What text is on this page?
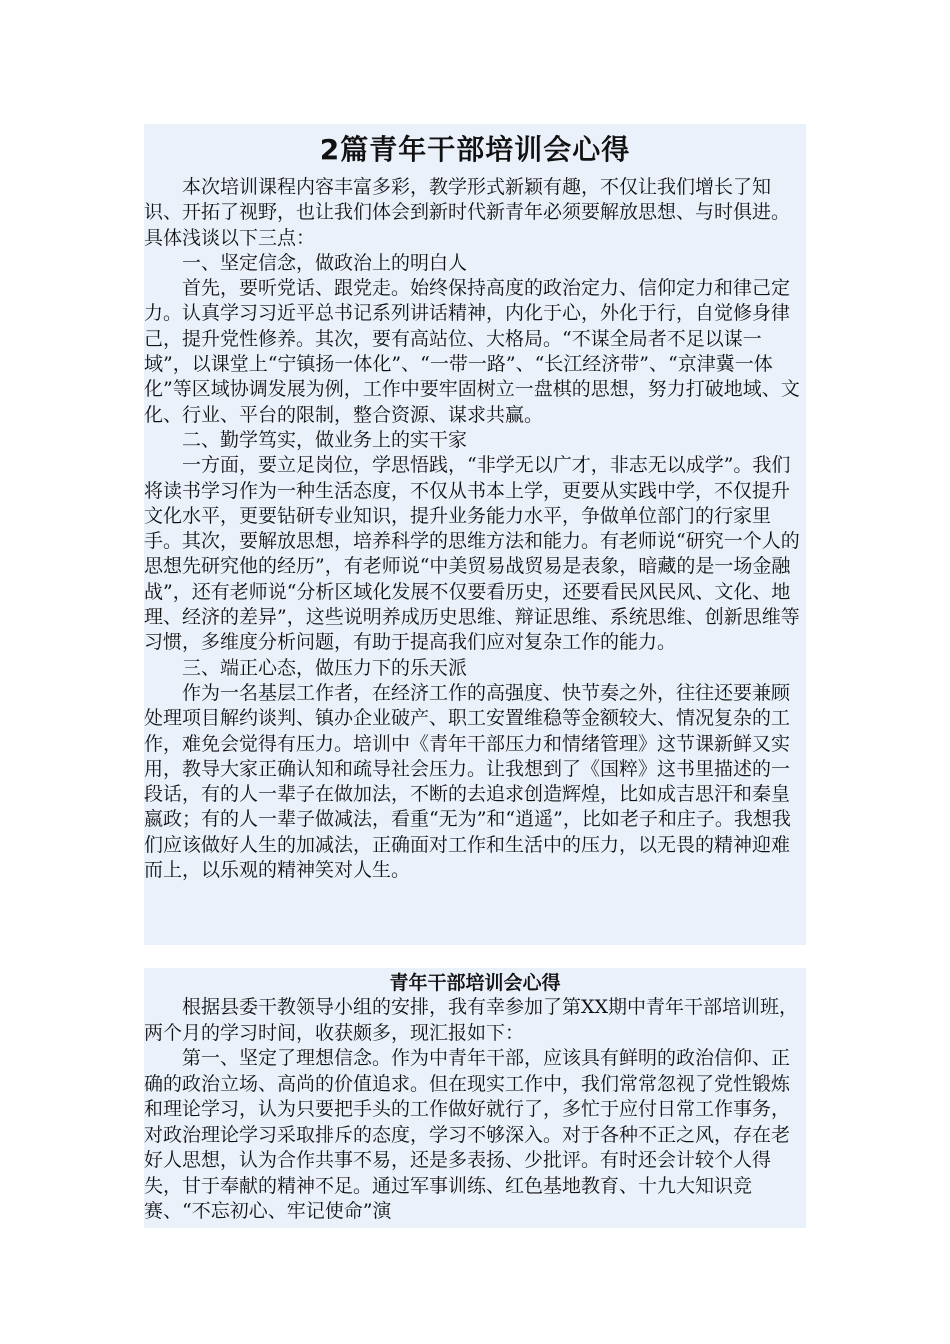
2篇青年干部培训会心得

本次培训课程内容丰富多彩，教学形式新颖有趣，不仅让我们增长了知识、开拓了视野，也让我们体会到新时代新青年必须要解放思想、与时俱进。具体浅谈以下三点：

一、坚定信念，做政治上的明白人

首先，要听党话、跟党走。始终保持高度的政治定力、信仰定力和律己定力。认真学习习近平总书记系列讲话精神，内化于心，外化于行，自觉修身律己，提升党性修养。其次，要有高站位、大格局。“不谋全局者不足以谋一域”，以课堂上“宁镇扬一体化”、“一带一路”、“长江经济带”、“京津冀一体化”等区域协调发展为例，工作中要牢固树立一盘棋的思想，努力打破地域、文化、行业、平台的限制，整合资源、谋求共赢。

二、勤学笃实，做业务上的实干家

一方面，要立足岗位，学思悟践，“非学无以广才，非志无以成学”。我们将读书学习作为一种生活态度，不仅从书本上学，更要从实践中学，不仅提升文化水平，更要钻研专业知识，提升业务能力水平，争做单位部门的行家里手。其次，要解放思想，培养科学的思维方法和能力。有老师说“研究一个人的思想先研究他的经历”，有老师说“中美贸易战贸易是表象，暗藏的是一场金融战”，还有老师说“分析区域化发展不仅要看历史，还要看民风民风、文化、地理、经济的差异”，这些说明养成历史思维、辩证思维、系统思维、创新思维等习惯，多维度分析问题，有助于提高我们应对复杂工作的能力。

三、端正心态，做压力下的乐天派

作为一名基层工作者，在经济工作的高强度、快节奏之外，往往还要兼顾处理项目解约谈判、镇办企业破产、职工安置维稳等金额较大、情况复杂的工作，难免会觉得有压力。培训中《青年干部压力和情绪管理》这节课新鲜又实用，教导大家正确认知和疏导社会压力。让我想到了《国粹》这书里描述的一段话，有的人一辈子在做加法，不断的去追求创造辉煌，比如成吉思汗和秦皇嬴政；有的人一辈子做减法，看重“无为”和“逍遥”，比如老子和庄子。我想我们应该做好人生的加减法，正确面对工作和生活中的压力，以无畏的精神迎难而上，以乐观的精神笑对人生。

青年干部培训会心得

根据县委干教领导小组的安排，我有幸参加了第XX期中青年干部培训班，两个月的学习时间，收获颇多，现汇报如下：

第一、坚定了理想信念。作为中青年干部，应该具有鲜明的政治信仰、正确的政治立场、高尚的价值追求。但在现实工作中，我们常常忽视了党性锻炼和理论学习，认为只要把手头的工作做好就行了，多忙于应付日常工作事务，对政治理论学习采取排斥的态度，学习不够深入。对于各种不正之风，存在老好人思想，认为合作共事不易，还是多表扬、少批评。有时还会计较个人得失，甘于奉献的精神不足。通过军事训练、红色基地教育、十九大知识竞赛、“不忘初心、牢记使命”演
